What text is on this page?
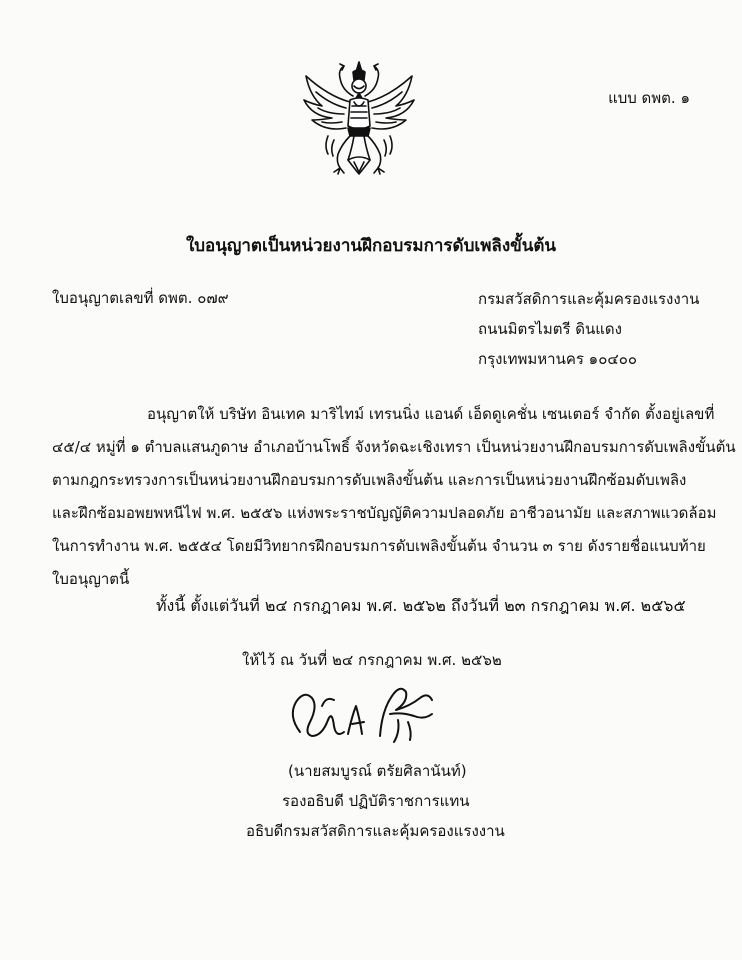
แบบ ดพต. ๑
ใบอนุญาตเป็นหน่วยงานฝึกอบรมการดับเพลิงขั้นต้น
ใบอนุญาตเลขที่ ดพต. ๐๗๙	กรมสวัสดิการและคุ้มครองแรงงาน
ถนนมิตรไมตรี ดินแดง
กรุงเทพมหานคร ๑๐๔๐๐
อนุญาตให้ บริษัท อินเทค มาริไทม์ เทรนนิ่ง แอนด์ เอ็ดดูเคชั่น เซนเตอร์ จำกัด ตั้งอยู่เลขที่
๔๕/๔ หมู่ที่ ๑ ตำบลแสนภูดาษ อำเภอบ้านโพธิ์ จังหวัดฉะเชิงเทรา เป็นหน่วยงานฝึกอบรมการดับเพลิงขั้นต้น
ตามกฎกระทรวงการเป็นหน่วยงานฝึกอบรมการดับเพลิงขั้นต้น และการเป็นหน่วยงานฝึกซ้อมดับเพลิง
และฝึกซ้อมอพยพหนีไฟ พ.ศ. ๒๕๕๖ แห่งพระราชบัญญัติความปลอดภัย อาชีวอนามัย และสภาพแวดล้อม
ในการทำงาน พ.ศ. ๒๕๕๔ โดยมีวิทยากรฝึกอบรมการดับเพลิงขั้นต้น จำนวน ๓ ราย ดังรายชื่อแนบท้าย
ใบอนุญาตนี้
ทั้งนี้ ตั้งแต่วันที่ ๒๔ กรกฎาคม พ.ศ. ๒๕๖๒ ถึงวันที่ ๒๓ กรกฎาคม พ.ศ. ๒๕๖๕
ให้ไว้ ณ วันที่ ๒๔ กรกฎาคม พ.ศ. ๒๕๖๒
(นายสมบูรณ์ ตรัยศิลานันท์)
รองอธิบดี ปฏิบัติราชการแทน
อธิบดีกรมสวัสดิการและคุ้มครองแรงงาน
